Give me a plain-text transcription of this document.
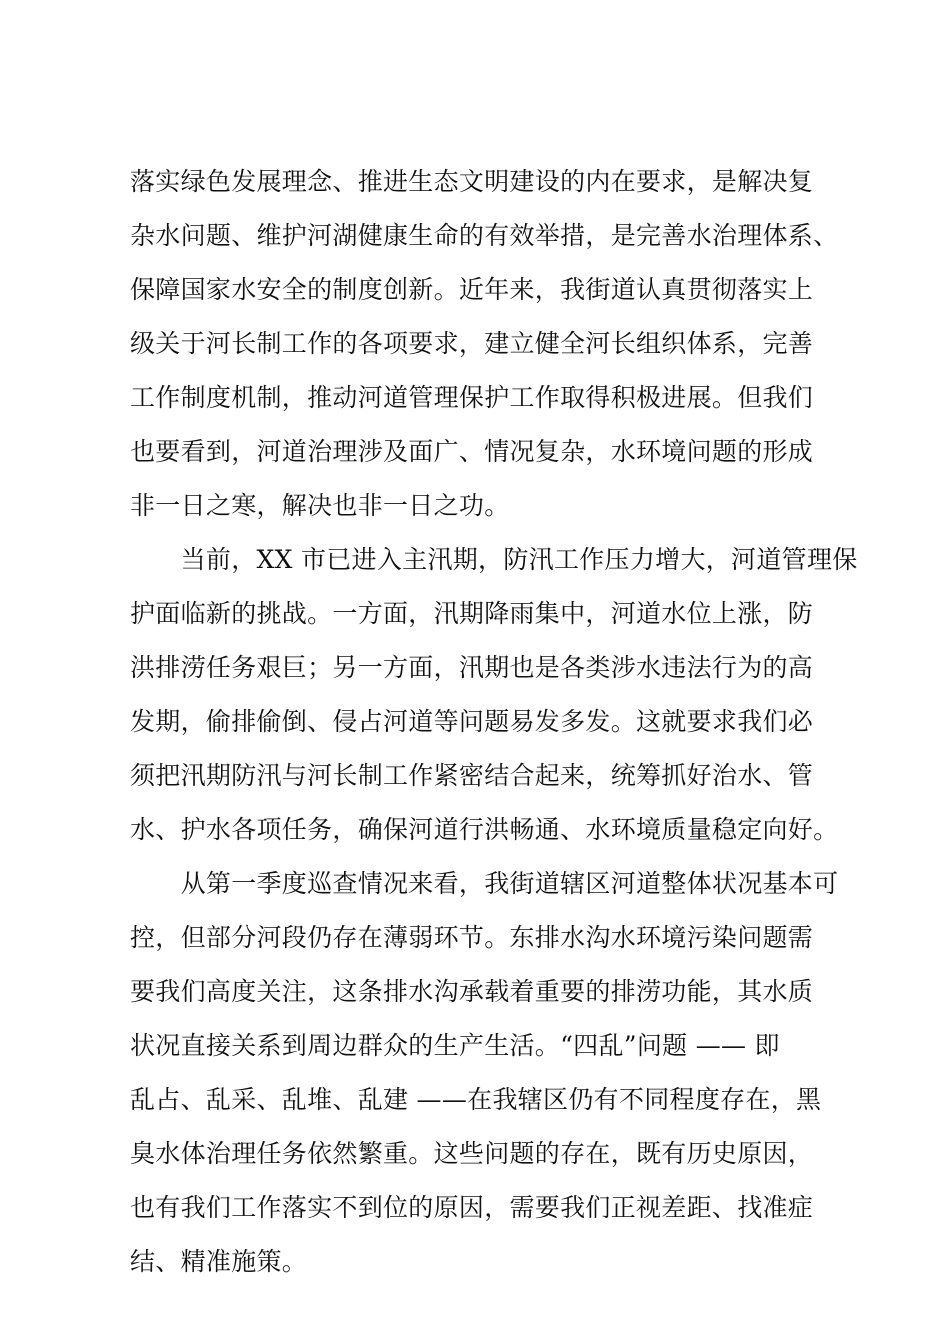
落实绿色发展理念、推进生态文明建设的内在要求，是解决复
杂水问题、维护河湖健康生命的有效举措，是完善水治理体系、
保障国家水安全的制度创新。近年来，我街道认真贯彻落实上
级关于河长制工作的各项要求，建立健全河长组织体系，完善
工作制度机制，推动河道管理保护工作取得积极进展。但我们
也要看到，河道治理涉及面广、情况复杂，水环境问题的形成
非一日之寒，解决也非一日之功。
　　当前，XX 市已进入主汛期，防汛工作压力增大，河道管理保
护面临新的挑战。一方面，汛期降雨集中，河道水位上涨，防
洪排涝任务艰巨；另一方面，汛期也是各类涉水违法行为的高
发期，偷排偷倒、侵占河道等问题易发多发。这就要求我们必
须把汛期防汛与河长制工作紧密结合起来，统筹抓好治水、管
水、护水各项任务，确保河道行洪畅通、水环境质量稳定向好。
　　从第一季度巡查情况来看，我街道辖区河道整体状况基本可
控，但部分河段仍存在薄弱环节。东排水沟水环境污染问题需
要我们高度关注，这条排水沟承载着重要的排涝功能，其水质
状况直接关系到周边群众的生产生活。“四乱”问题 —— 即
乱占、乱采、乱堆、乱建 ——在我辖区仍有不同程度存在，黑
臭水体治理任务依然繁重。这些问题的存在，既有历史原因，
也有我们工作落实不到位的原因，需要我们正视差距、找准症
结、精准施策。
